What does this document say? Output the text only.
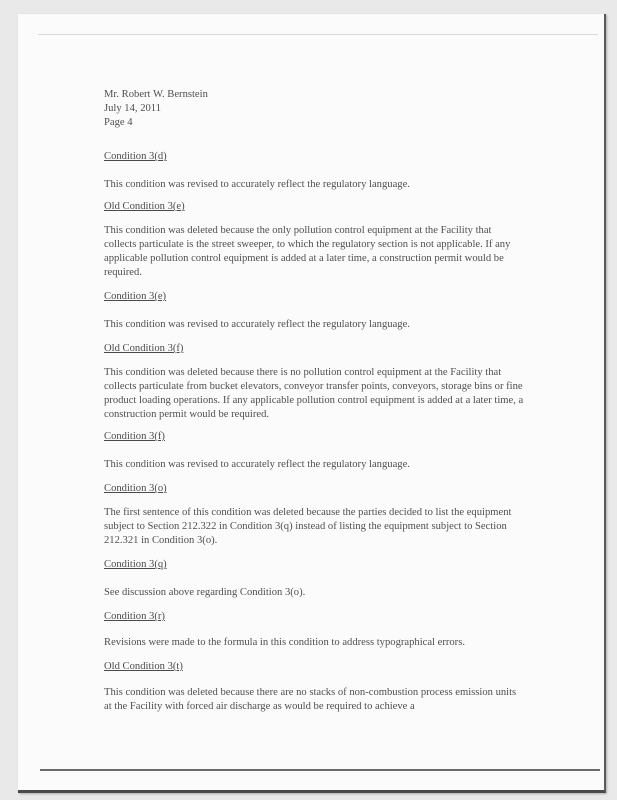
Mr. Robert W. Bernstein
July 14, 2011
Page 4
Condition 3(d)
This condition was revised to accurately reflect the regulatory language.
Old Condition 3(e)
This condition was deleted because the only pollution control equipment at the Facility that collects particulate is the street sweeper, to which the regulatory section is not applicable. If any applicable pollution control equipment is added at a later time, a construction permit would be required.
Condition 3(e)
This condition was revised to accurately reflect the regulatory language.
Old Condition 3(f)
This condition was deleted because there is no pollution control equipment at the Facility that collects particulate from bucket elevators, conveyor transfer points, conveyors, storage bins or fine product loading operations. If any applicable pollution control equipment is added at a later time, a construction permit would be required.
Condition 3(f)
This condition was revised to accurately reflect the regulatory language.
Condition 3(o)
The first sentence of this condition was deleted because the parties decided to list the equipment subject to Section 212.322 in Condition 3(q) instead of listing the equipment subject to Section 212.321 in Condition 3(o).
Condition 3(q)
See discussion above regarding Condition 3(o).
Condition 3(r)
Revisions were made to the formula in this condition to address typographical errors.
Old Condition 3(t)
This condition was deleted because there are no stacks of non-combustion process emission units at the Facility with forced air discharge as would be required to achieve a
